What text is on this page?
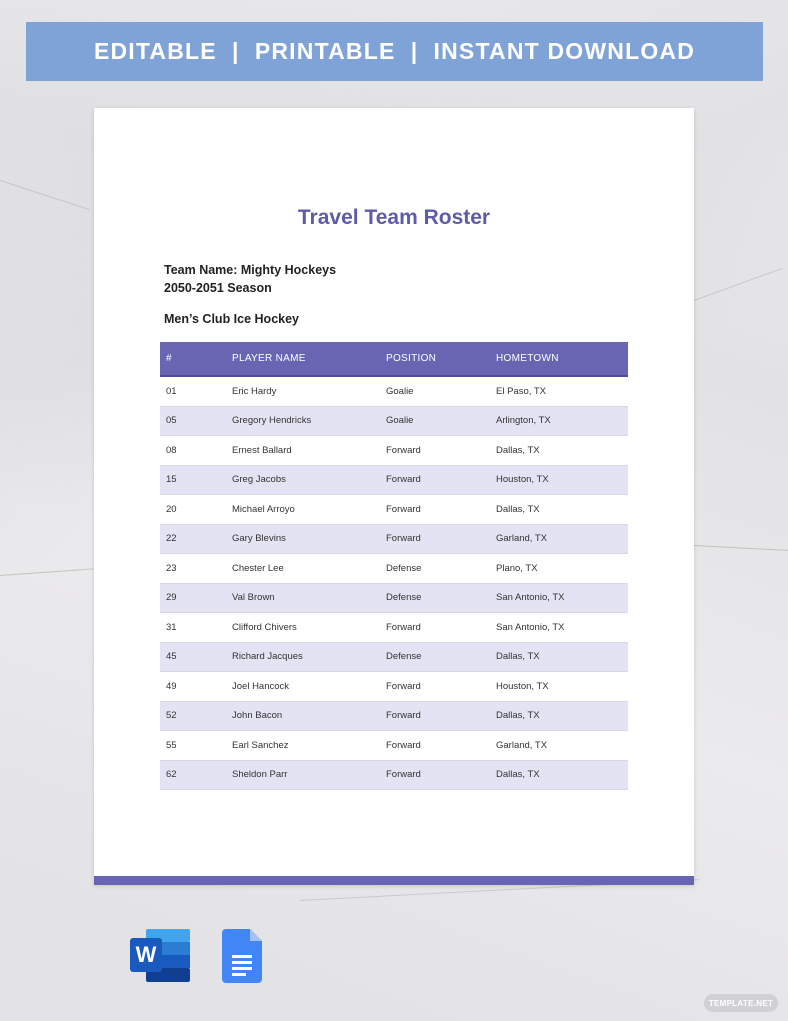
EDITABLE  |  PRINTABLE  |  INSTANT DOWNLOAD
Travel Team Roster
Team Name: Mighty Hockeys
2050-2051 Season
Men’s Club Ice Hockey
#	PLAYER NAME	POSITION	HOMETOWN
01	Eric Hardy	Goalie	El Paso, TX
05	Gregory Hendricks	Goalie	Arlington, TX
08	Ernest Ballard	Forward	Dallas, TX
15	Greg Jacobs	Forward	Houston, TX
20	Michael Arroyo	Forward	Dallas, TX
22	Gary Blevins	Forward	Garland, TX
23	Chester Lee	Defense	Plano, TX
29	Val Brown	Defense	San Antonio, TX
31	Clifford Chivers	Forward	San Antonio, TX
45	Richard Jacques	Defense	Dallas, TX
49	Joel Hancock	Forward	Houston, TX
52	John Bacon	Forward	Dallas, TX
55	Earl Sanchez	Forward	Garland, TX
62	Sheldon Parr	Forward	Dallas, TX
W
TEMPLATE.NET
